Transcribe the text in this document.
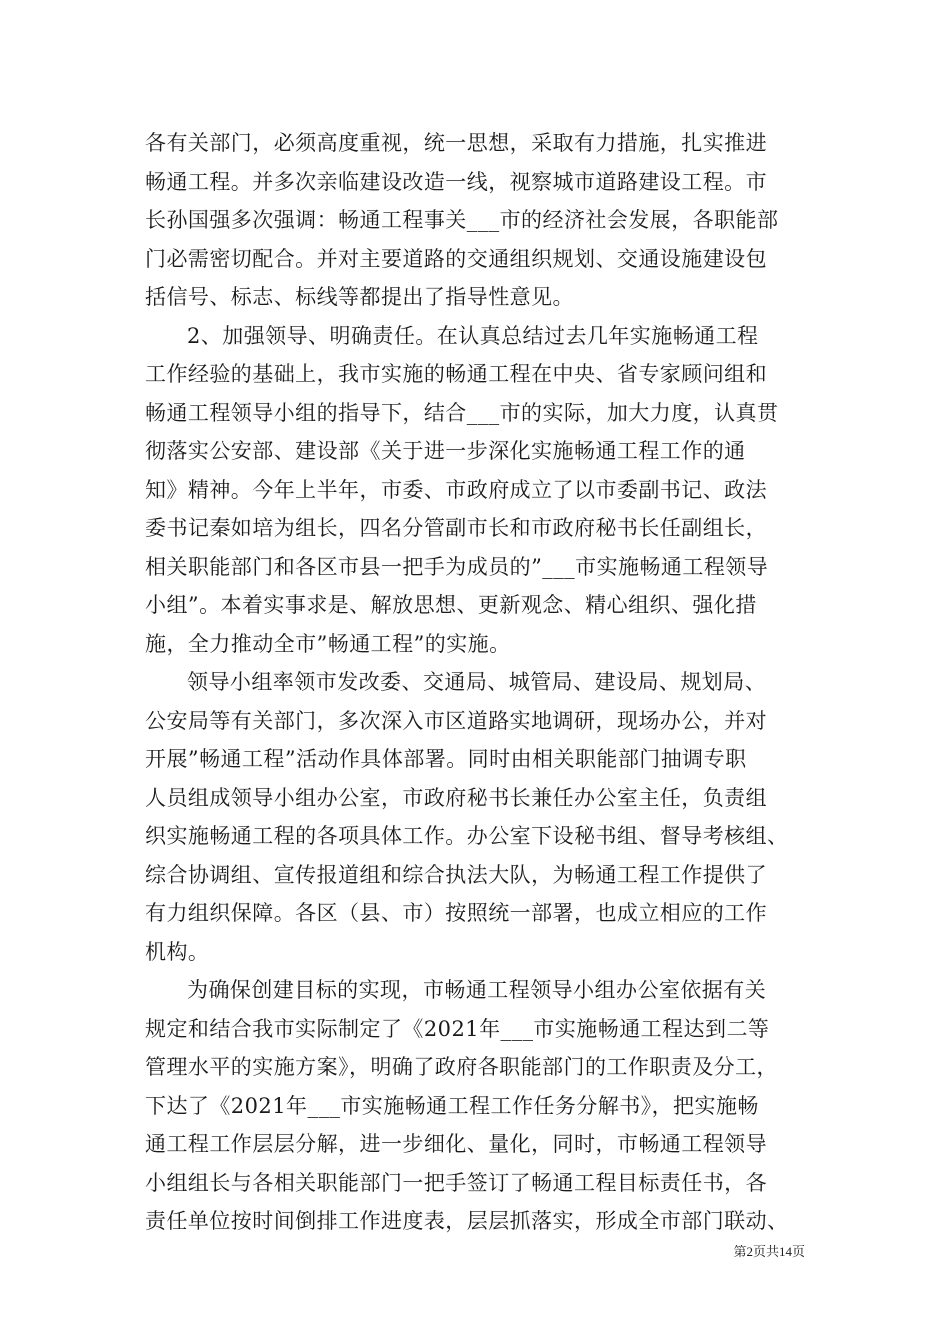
各有关部门，必须高度重视，统一思想，采取有力措施，扎实推进
畅通工程。并多次亲临建设改造一线，视察城市道路建设工程。市
长孙国强多次强调：畅通工程事关___市的经济社会发展，各职能部
门必需密切配合。并对主要道路的交通组织规划、交通设施建设包
括信号、标志、标线等都提出了指导性意见。
2、加强领导、明确责任。在认真总结过去几年实施畅通工程
工作经验的基础上，我市实施的畅通工程在中央、省专家顾问组和
畅通工程领导小组的指导下，结合___市的实际，加大力度，认真贯
彻落实公安部、建设部《关于进一步深化实施畅通工程工作的通
知》精神。今年上半年，市委、市政府成立了以市委副书记、政法
委书记秦如培为组长，四名分管副市长和市政府秘书长任副组长，
相关职能部门和各区市县一把手为成员的”___市实施畅通工程领导
小组”。本着实事求是、解放思想、更新观念、精心组织、强化措
施，全力推动全市”畅通工程”的实施。
领导小组率领市发改委、交通局、城管局、建设局、规划局、
公安局等有关部门，多次深入市区道路实地调研，现场办公，并对
开展”畅通工程”活动作具体部署。同时由相关职能部门抽调专职
人员组成领导小组办公室，市政府秘书长兼任办公室主任，负责组
织实施畅通工程的各项具体工作。办公室下设秘书组、督导考核组、
综合协调组、宣传报道组和综合执法大队，为畅通工程工作提供了
有力组织保障。各区（县、市）按照统一部署，也成立相应的工作
机构。
为确保创建目标的实现，市畅通工程领导小组办公室依据有关
规定和结合我市实际制定了《2021年___市实施畅通工程达到二等
管理水平的实施方案》，明确了政府各职能部门的工作职责及分工，
下达了《2021年___市实施畅通工程工作任务分解书》，把实施畅
通工程工作层层分解，进一步细化、量化，同时，市畅通工程领导
小组组长与各相关职能部门一把手签订了畅通工程目标责任书，各
责任单位按时间倒排工作进度表，层层抓落实，形成全市部门联动、
第2页共14页
